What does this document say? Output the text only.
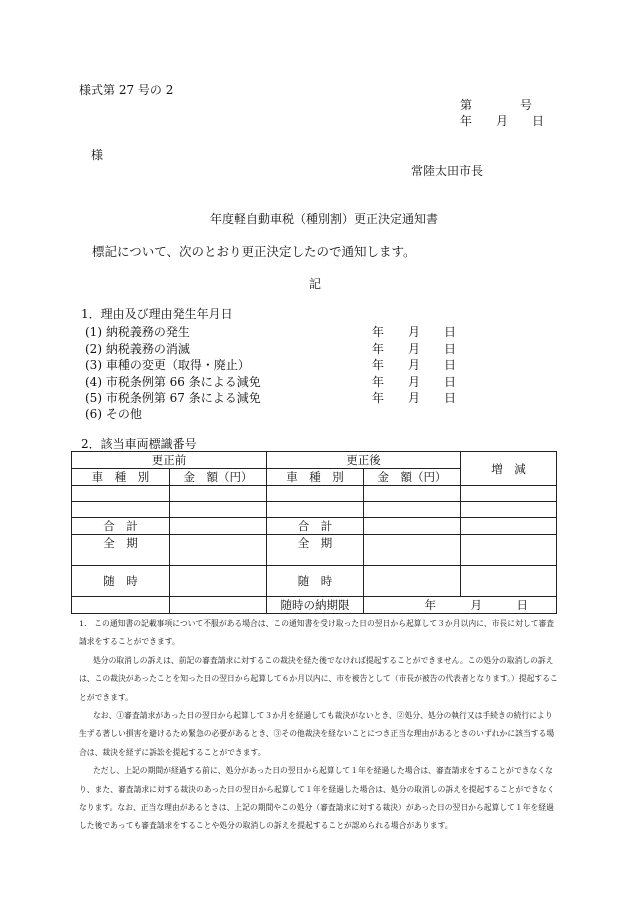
様式第 27 号の 2
第　　　　号
年　　月　　日
様
常陸太田市長
年度軽自動車税（種別割）更正決定通知書
標記について、次のとおり更正決定したので通知します。
記
1．理由及び理由発生年月日
(1) 納税義務の発生	年　　月　　日
(2) 納税義務の消滅	年　　月　　日
(3) 車種の変更（取得・廃止）	年　　月　　日
(4) 市税条例第 66 条による減免	年　　月　　日
(5) 市税条例第 67 条による減免	年　　月　　日
(6) その他
2．該当車両標識番号
更正前		更正後		増　減
車　種　別	金　額（円）	車　種　別	金　額（円）	

合　計		合　計		
全　期		全　期		
随　時		随　時		
		随時の納期限	年　　　月　　　日	

1.　この通知書の記載事項について不服がある場合は、この通知書を受け取った日の翌日から起算して３か月以内に、市長に対して審査請求をすることができます。

処分の取消しの訴えは、前記の審査請求に対するこの裁決を経た後でなければ提起することができません。この処分の取消しの訴えは、この裁決があったことを知った日の翌日から起算して６か月以内に、市を被告として（市長が被告の代表者となります。）提起することができます。

なお、①審査請求があった日の翌日から起算して３か月を経過しても裁決がないとき、②処分、処分の執行又は手続きの続行により生ずる著しい損害を避けるため緊急の必要があるとき、③その他裁決を経ないことにつき正当な理由があるときのいずれかに該当する場合は、裁決を経ずに訴訟を提起することができます。

ただし、上記の期間が経過する前に、処分があった日の翌日から起算して１年を経過した場合は、審査請求をすることができなくなり、また、審査請求に対する裁決のあった日の翌日から起算して１年を経過した場合は、処分の取消しの訴えを提起することができなくなります。なお、正当な理由があるときは、上記の期間やこの処分（審査請求に対する裁決）があった日の翌日から起算して１年を経過した後であっても審査請求をすることや処分の取消しの訴えを提起することが認められる場合があります。
